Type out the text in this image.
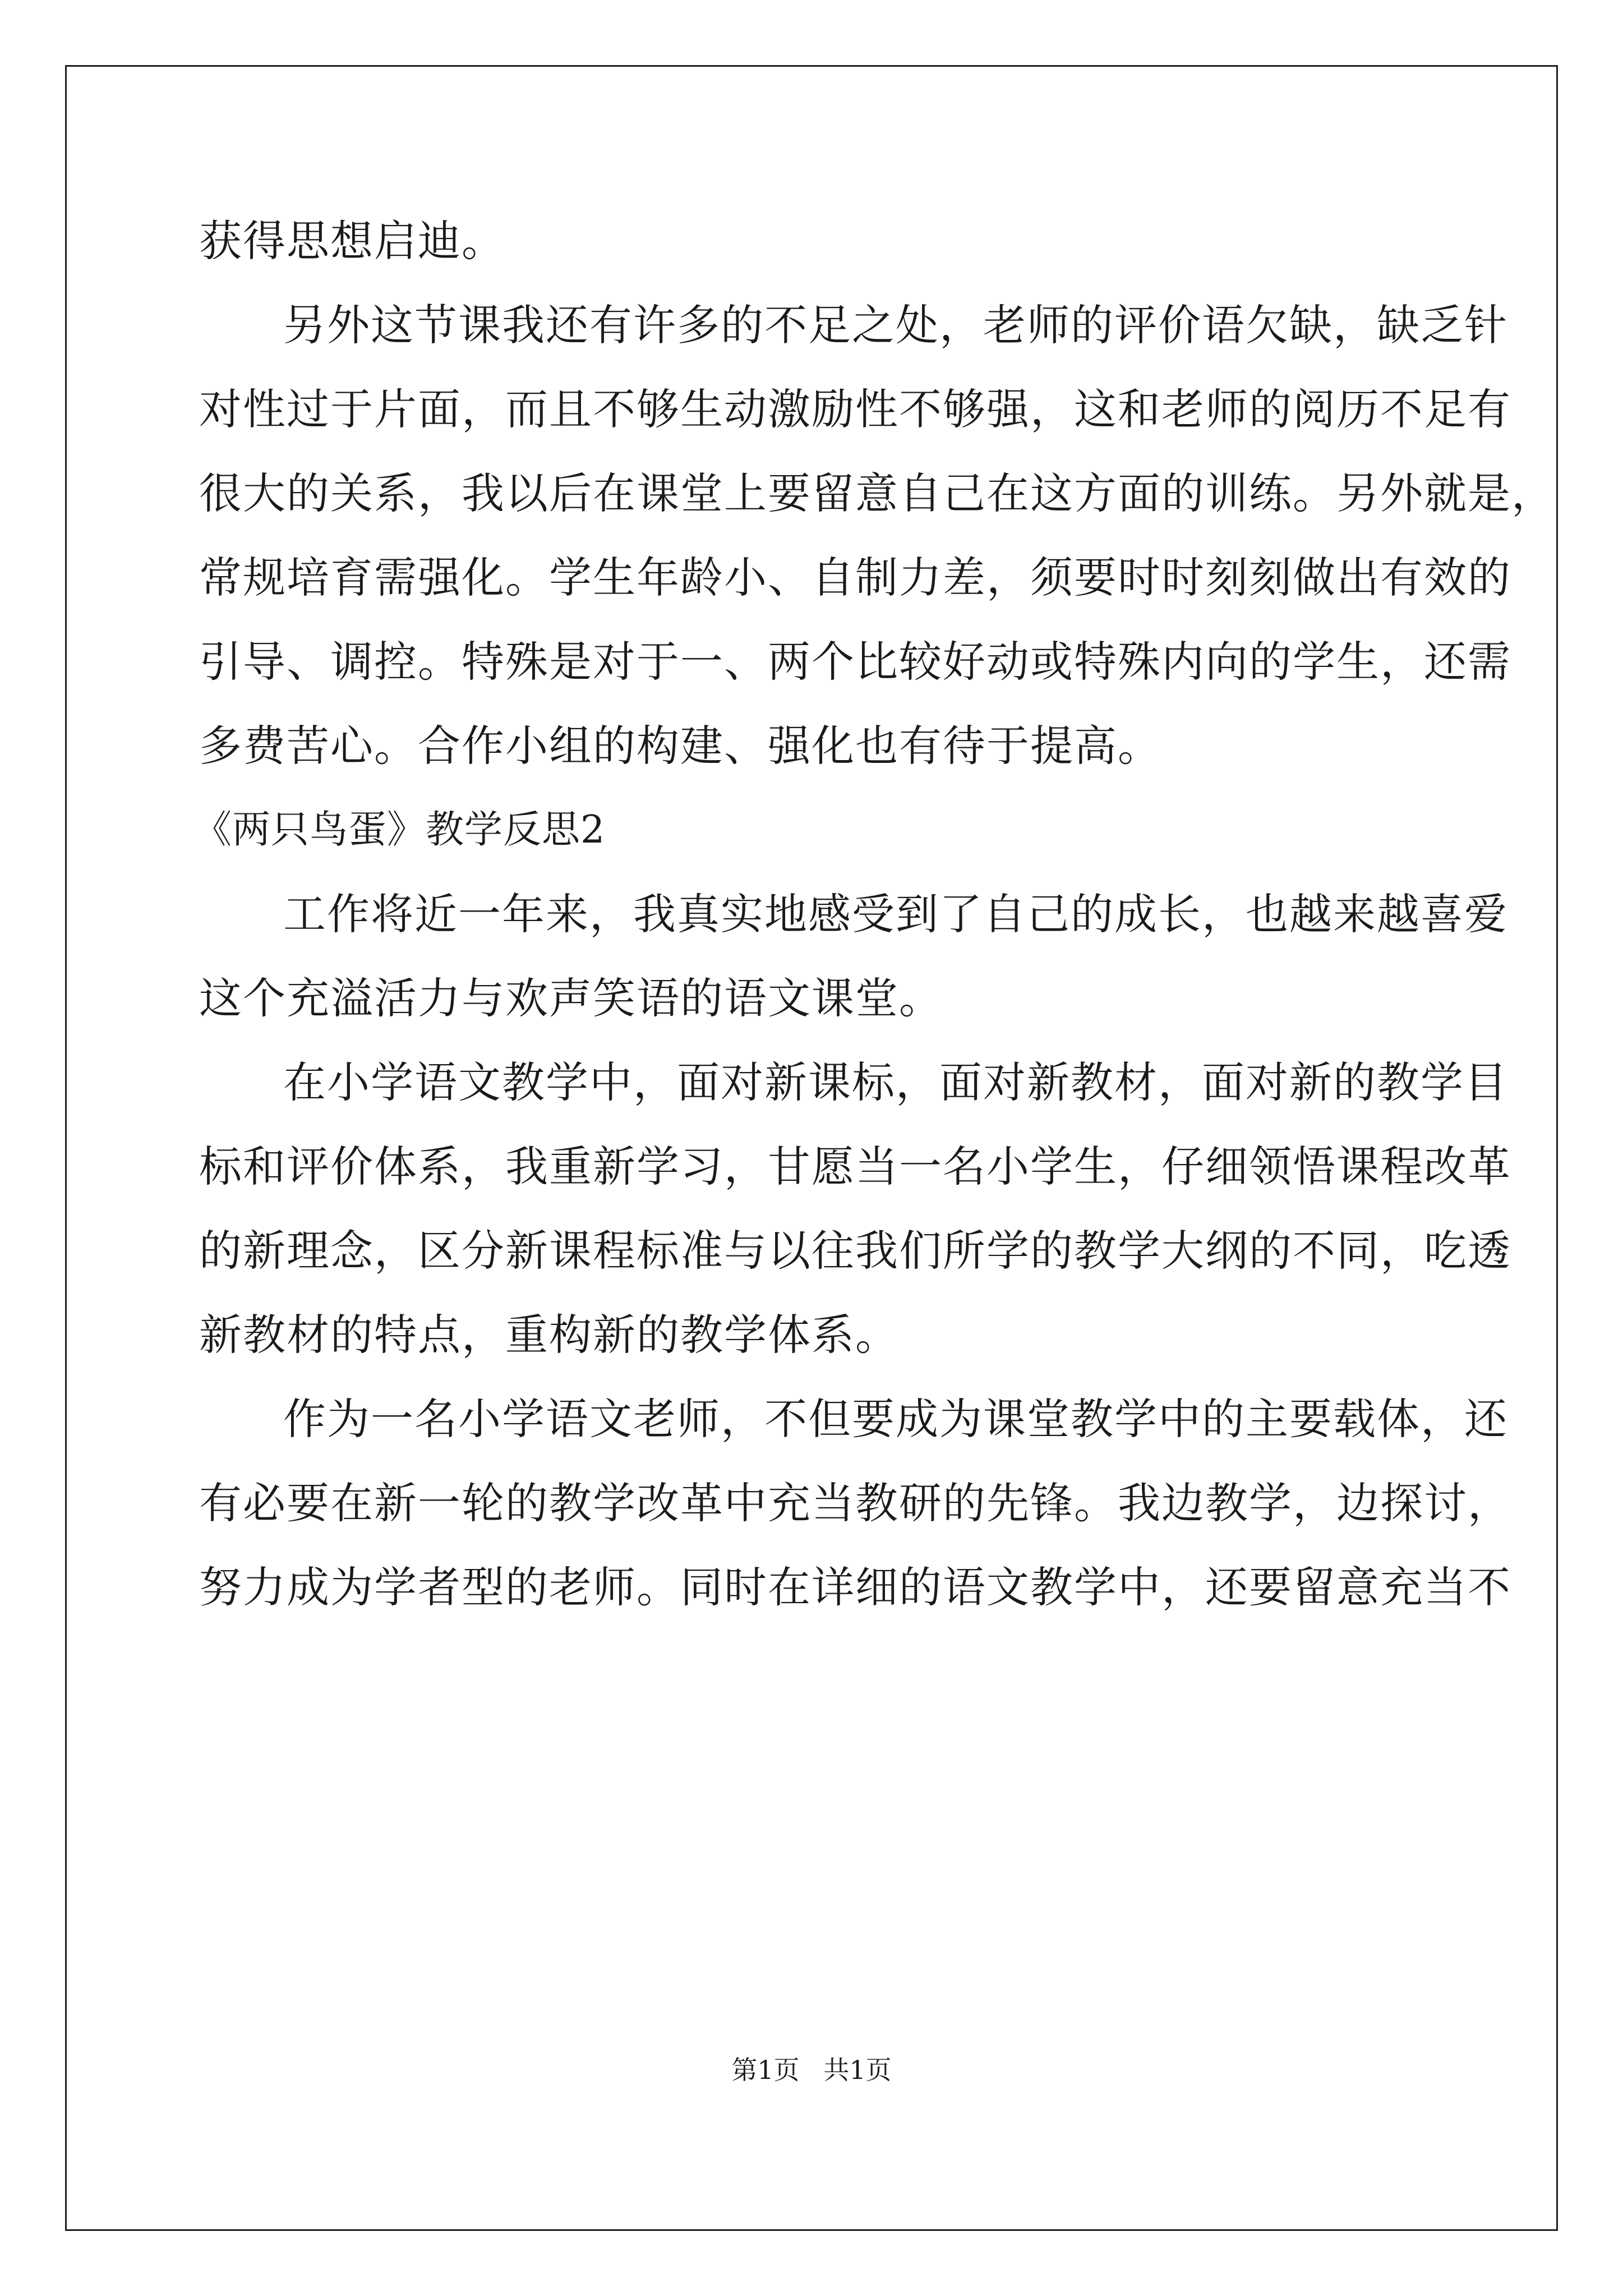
获得思想启迪。
另外这节课我还有许多的不足之处，老师的评价语欠缺，缺乏针
对性过于片面，而且不够生动激励性不够强，这和老师的阅历不足有
很大的关系，我以后在课堂上要留意自己在这方面的训练。另外就是，
常规培育需强化。学生年龄小、自制力差，须要时时刻刻做出有效的
引导、调控。特殊是对于一、两个比较好动或特殊内向的学生，还需
多费苦心。合作小组的构建、强化也有待于提高。
《两只鸟蛋》教学反思2
工作将近一年来，我真实地感受到了自己的成长，也越来越喜爱
这个充溢活力与欢声笑语的语文课堂。
在小学语文教学中，面对新课标，面对新教材，面对新的教学目
标和评价体系，我重新学习，甘愿当一名小学生，仔细领悟课程改革
的新理念，区分新课程标准与以往我们所学的教学大纲的不同，吃透
新教材的特点，重构新的教学体系。
作为一名小学语文老师，不但要成为课堂教学中的主要载体，还
有必要在新一轮的教学改革中充当教研的先锋。我边教学，边探讨，
努力成为学者型的老师。同时在详细的语文教学中，还要留意充当不
第1页 共1页
